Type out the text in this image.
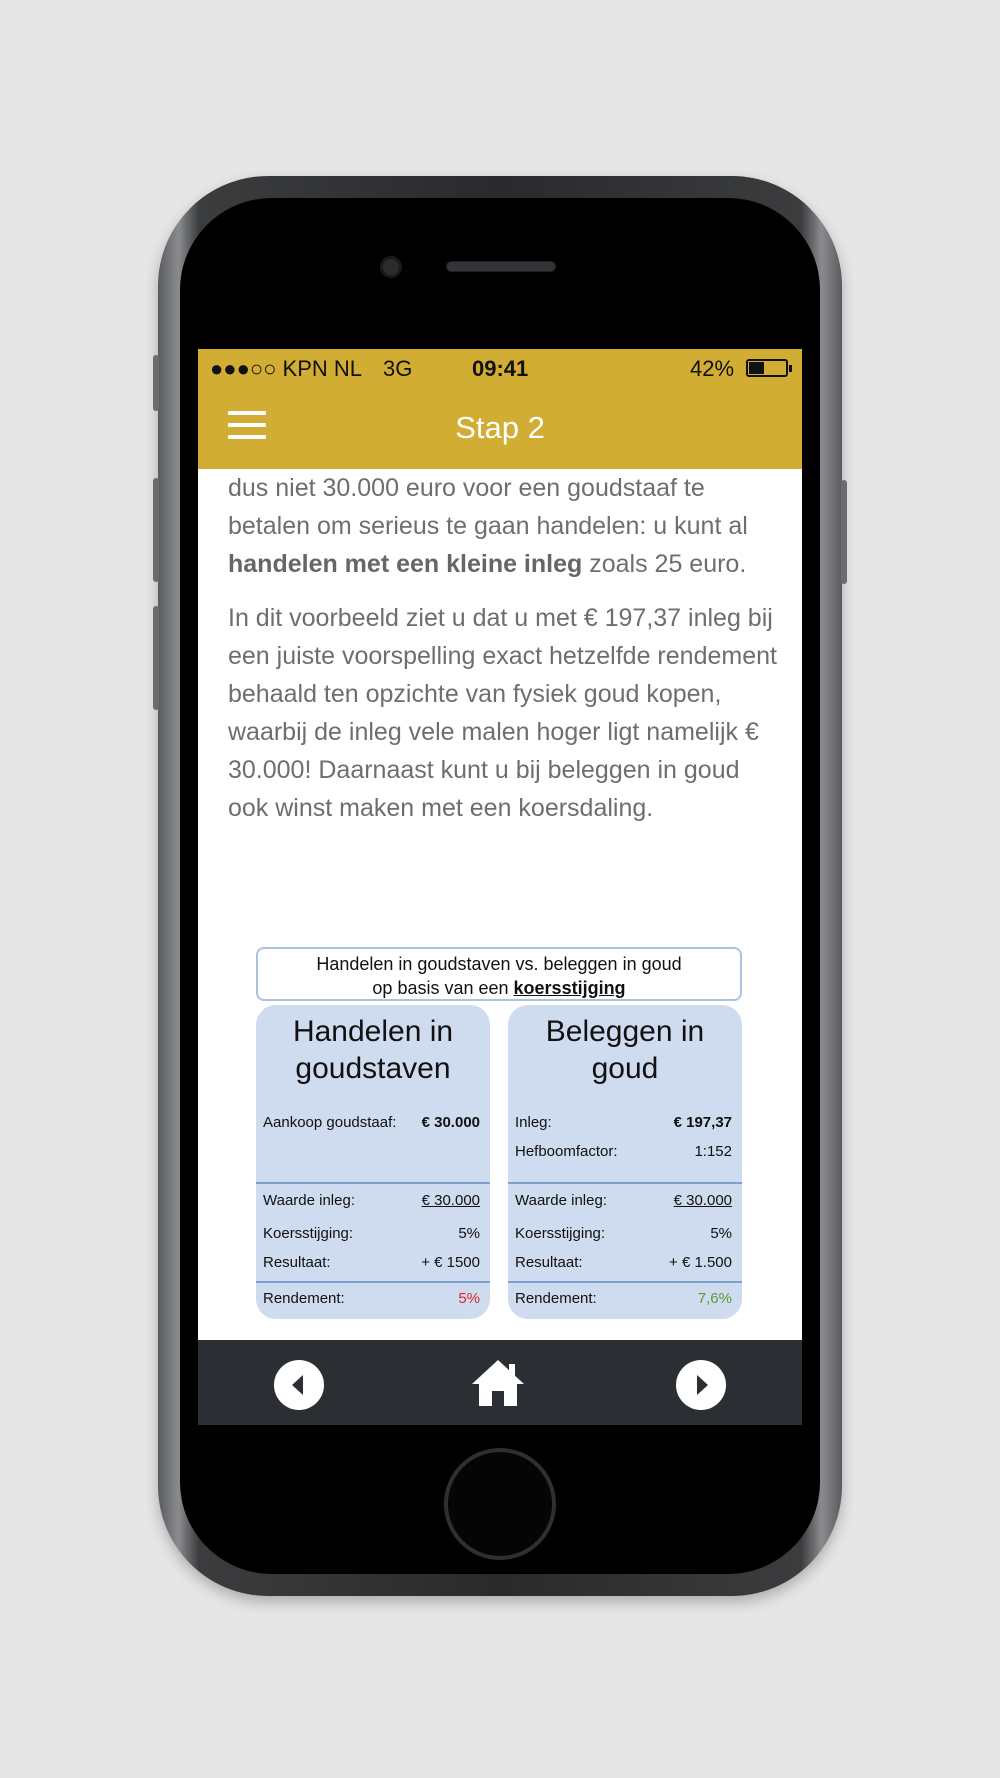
●●●○○ KPN NL 3G	09:41	42%
Stap 2

dus niet 30.000 euro voor een goudstaaf te betalen om serieus te gaan handelen: u kunt al handelen met een kleine inleg zoals 25 euro.

In dit voorbeeld ziet u dat u met € 197,37 inleg bij een juiste voorspelling exact hetzelfde rendement behaald ten opzichte van fysiek goud kopen, waarbij de inleg vele malen hoger ligt namelijk € 30.000! Daarnaast kunt u bij beleggen in goud ook winst maken met een koersdaling.

Handelen in goudstaven vs. beleggen in goud
op basis van een koersstijging
Handelen in
goudstaven
Aankoop goudstaaf: € 30.000
Waarde inleg:	€ 30.000
Koersstijging:	5%
Resultaat:	+ € 1500
Rendement:	5%
Beleggen in
goud
Inleg:	€ 197,37
Hefboomfactor:	1:152
Waarde inleg:	€ 30.000
Koersstijging:	5%
Resultaat:	+ € 1.500
Rendement:	7,6%
